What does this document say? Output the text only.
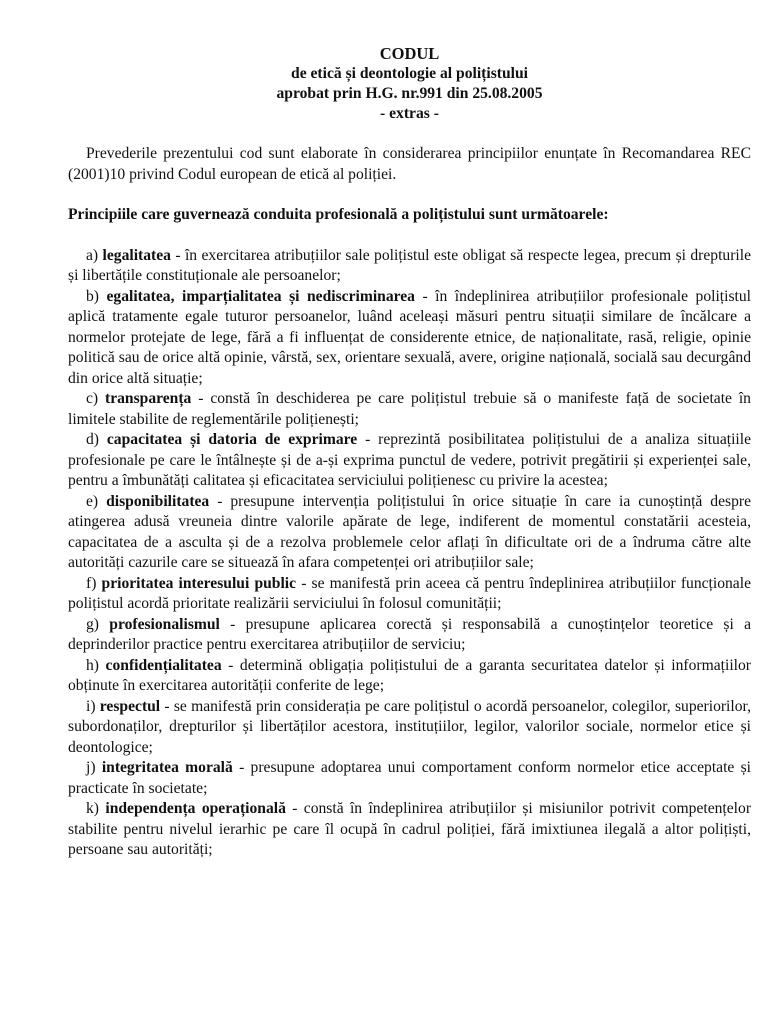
CODUL
de etică și deontologie al polițistului
aprobat prin H.G. nr.991 din 25.08.2005
- extras -

Prevederile prezentului cod sunt elaborate în considerarea principiilor enunțate în Recomandarea REC (2001)10 privind Codul european de etică al poliției.

Principiile care guvernează conduita profesională a polițistului sunt următoarele:

a) legalitatea - în exercitarea atribuțiilor sale polițistul este obligat să respecte legea, precum și drepturile și libertățile constituționale ale persoanelor;

b) egalitatea, imparțialitatea și nediscriminarea - în îndeplinirea atribuțiilor profesionale polițistul aplică tratamente egale tuturor persoanelor, luând aceleași măsuri pentru situații similare de încălcare a normelor protejate de lege, fără a fi influențat de considerente etnice, de naționalitate, rasă, religie, opinie politică sau de orice altă opinie, vârstă, sex, orientare sexuală, avere, origine națională, socială sau decurgând din orice altă situație;

c) transparența - constă în deschiderea pe care polițistul trebuie să o manifeste față de societate în limitele stabilite de reglementările polițienești;

d) capacitatea și datoria de exprimare - reprezintă posibilitatea polițistului de a analiza situațiile profesionale pe care le întâlnește și de a-și exprima punctul de vedere, potrivit pregătirii și experienței sale, pentru a îmbunătăți calitatea și eficacitatea serviciului polițienesc cu privire la acestea;

e) disponibilitatea - presupune intervenția polițistului în orice situație în care ia cunoștință despre atingerea adusă vreuneia dintre valorile apărate de lege, indiferent de momentul constatării acesteia, capacitatea de a asculta și de a rezolva problemele celor aflați în dificultate ori de a îndruma către alte autorități cazurile care se situează în afara competenței ori atribuțiilor sale;

f) prioritatea interesului public - se manifestă prin aceea că pentru îndeplinirea atribuțiilor funcționale polițistul acordă prioritate realizării serviciului în folosul comunității;

g) profesionalismul - presupune aplicarea corectă și responsabilă a cunoștințelor teoretice și a deprinderilor practice pentru exercitarea atribuțiilor de serviciu;

h) confidențialitatea - determină obligația polițistului de a garanta securitatea datelor și informațiilor obținute în exercitarea autorității conferite de lege;

i) respectul - se manifestă prin considerația pe care polițistul o acordă persoanelor, colegilor, superiorilor, subordonaților, drepturilor și libertăților acestora, instituțiilor, legilor, valorilor sociale, normelor etice și deontologice;

j) integritatea morală - presupune adoptarea unui comportament conform normelor etice acceptate și practicate în societate;

k) independența operațională - constă în îndeplinirea atribuțiilor și misiunilor potrivit competențelor stabilite pentru nivelul ierarhic pe care îl ocupă în cadrul poliției, fără imixtiunea ilegală a altor polițiști, persoane sau autorități;
